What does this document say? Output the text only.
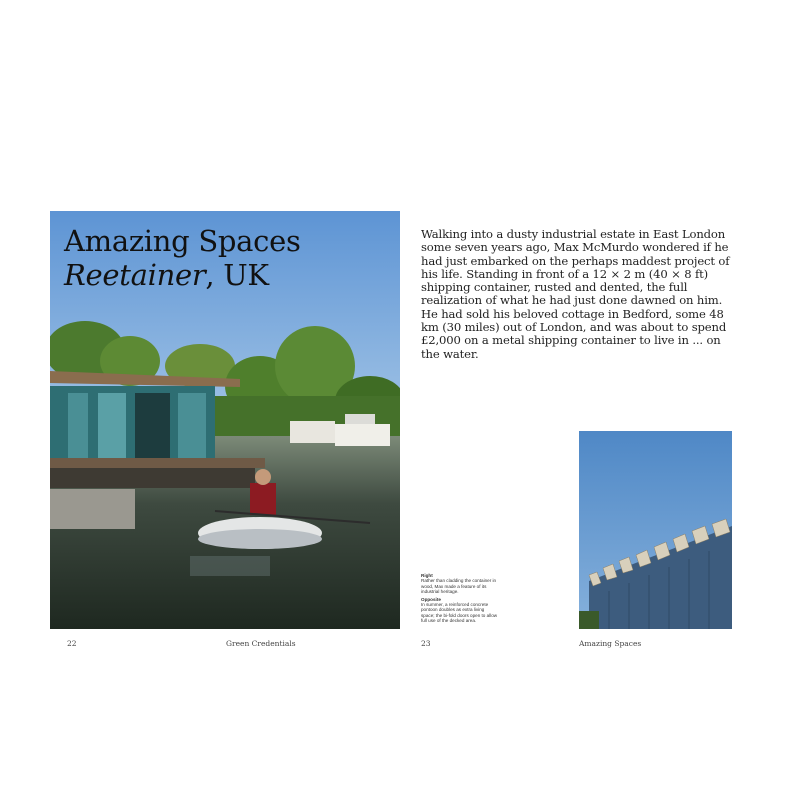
Amazing Spaces
Reetainer, UK
Walking into a dusty industrial estate in East London some seven years ago, Max McMurdo wondered if he had just embarked on the perhaps maddest project of his life. Standing in front of a 12 × 2 m (40 × 8 ft) shipping container, rusted and dented, the full realization of what he had just done dawned on him. He had sold his beloved cottage in Bedford, some 48 km (30 miles) out of London, and was about to spend £2,000 on a metal shipping container to live in ... on the water.
Right
Rather than cladding the container in wood, Max made a feature of its industrial heritage.
Opposite
In summer, a reinforced concrete pontoon doubles as extra living space; the bi-fold doors open to allow full use of the decked area.
22	Green Credentials	23	Amazing Spaces
